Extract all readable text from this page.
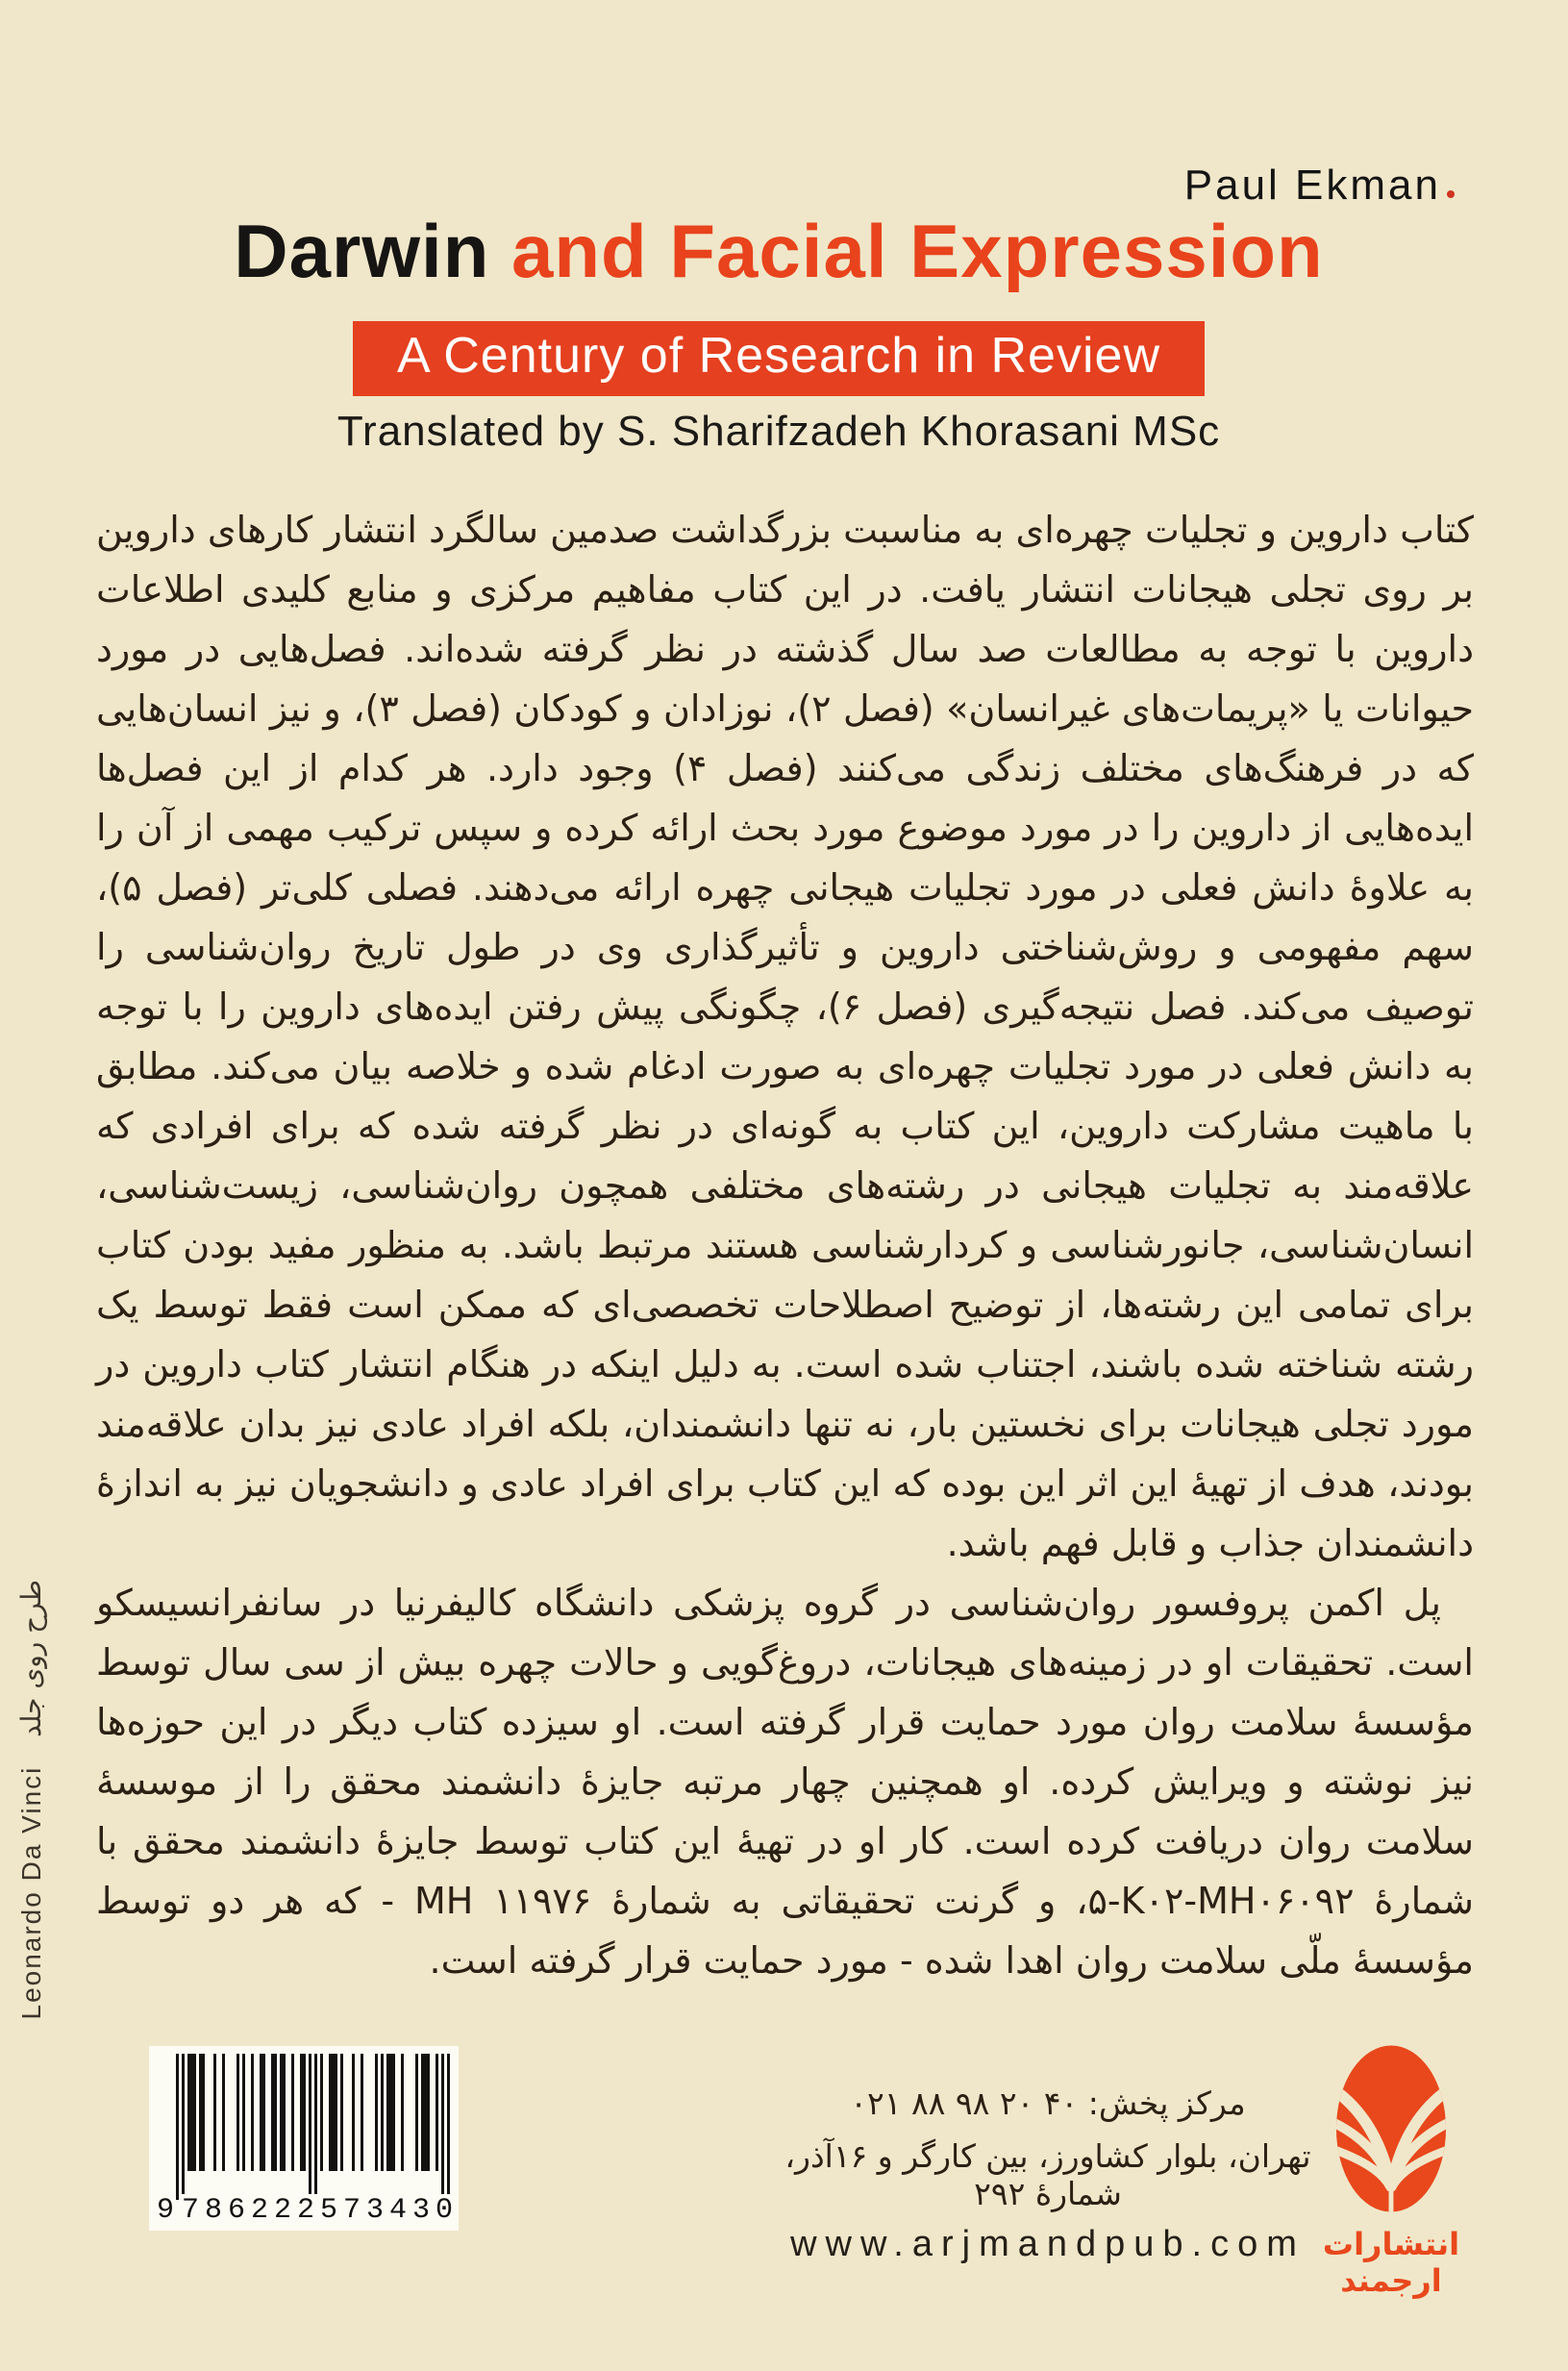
Paul Ekman
Darwin and Facial Expression
A Century of Research in Review
Translated by S. Sharifzadeh Khorasani MSc

کتاب داروین و تجلیات چهره‌ای به مناسبت بزرگداشت صدمین سالگرد انتشار کارهای داروین بر روی تجلی هیجانات انتشار یافت. در این کتاب مفاهیم مرکزی و منابع کلیدی اطلاعات داروین با توجه به مطالعات صد سال گذشته در نظر گرفته شده‌اند. فصل‌هایی در مورد حیوانات یا «پریمات‌های غیرانسان» (فصل ۲)، نوزادان و کودکان (فصل ۳)، و نیز انسان‌هایی که در فرهنگ‌های مختلف زندگی می‌کنند (فصل ۴) وجود دارد. هر کدام از این فصل‌ها ایده‌هایی از داروین را در مورد موضوع مورد بحث ارائه کرده و سپس ترکیب مهمی از آن را به علاوهٔ دانش فعلی در مورد تجلیات هیجانی چهره ارائه می‌دهند. فصلی کلی‌تر (فصل ۵)، سهم مفهومی و روش‌شناختی داروین و تأثیرگذاری وی در طول تاریخ روان‌شناسی را توصیف می‌کند. فصل نتیجه‌گیری (فصل ۶)، چگونگی پیش رفتن ایده‌های داروین را با توجه به دانش فعلی در مورد تجلیات چهره‌ای به صورت ادغام شده و خلاصه بیان می‌کند. مطابق با ماهیت مشارکت داروین، این کتاب به گونه‌ای در نظر گرفته شده که برای افرادی که علاقه‌مند به تجلیات هیجانی در رشته‌های مختلفی همچون روان‌شناسی، زیست‌شناسی، انسان‌شناسی، جانورشناسی و کردارشناسی هستند مرتبط باشد. به منظور مفید بودن کتاب برای تمامی این رشته‌ها، از توضیح اصطلاحات تخصصی‌ای که ممکن است فقط توسط یک رشته شناخته شده باشند، اجتناب شده است. به دلیل اینکه در هنگام انتشار کتاب داروین در مورد تجلی هیجانات برای نخستین بار، نه تنها دانشمندان، بلکه افراد عادی نیز بدان علاقه‌مند بودند، هدف از تهیهٔ این اثر این بوده که این کتاب برای افراد عادی و دانشجویان نیز به اندازهٔ دانشمندان جذاب و قابل فهم باشد.

پل اکمن پروفسور روان‌شناسی در گروه پزشکی دانشگاه کالیفرنیا در سانفرانسیسکو است. تحقیقات او در زمینه‌های هیجانات، دروغ‌گویی و حالات چهره بیش از سی سال توسط مؤسسهٔ سلامت روان مورد حمایت قرار گرفته است. او سیزده کتاب دیگر در این حوزه‌ها نیز نوشته و ویرایش کرده. او همچنین چهار مرتبه جایزهٔ دانشمند محقق را از موسسهٔ سلامت روان دریافت کرده است. کار او در تهیهٔ این کتاب توسط جایزهٔ دانشمند محقق با شمارهٔ ‎۵-K۰۲-MH۰۶۰۹۲‎، و گرنت تحقیقاتی به شمارهٔ ‎MH ۱۱۹۷۶‎ - که هر دو توسط مؤسسهٔ ملّی سلامت روان اهدا شده - مورد حمایت قرار گرفته است.

طرح روی جلد Leonardo Da Vinci
9 786222 573430
مرکز پخش: ۰۲۱ ۸۸ ۹۸ ۲۰ ۴۰
تهران، بلوار کشاورز، بین کارگر و ۱۶آذر، شمارهٔ ۲۹۲
www.arjmandpub.com انتشارات ارجمند
